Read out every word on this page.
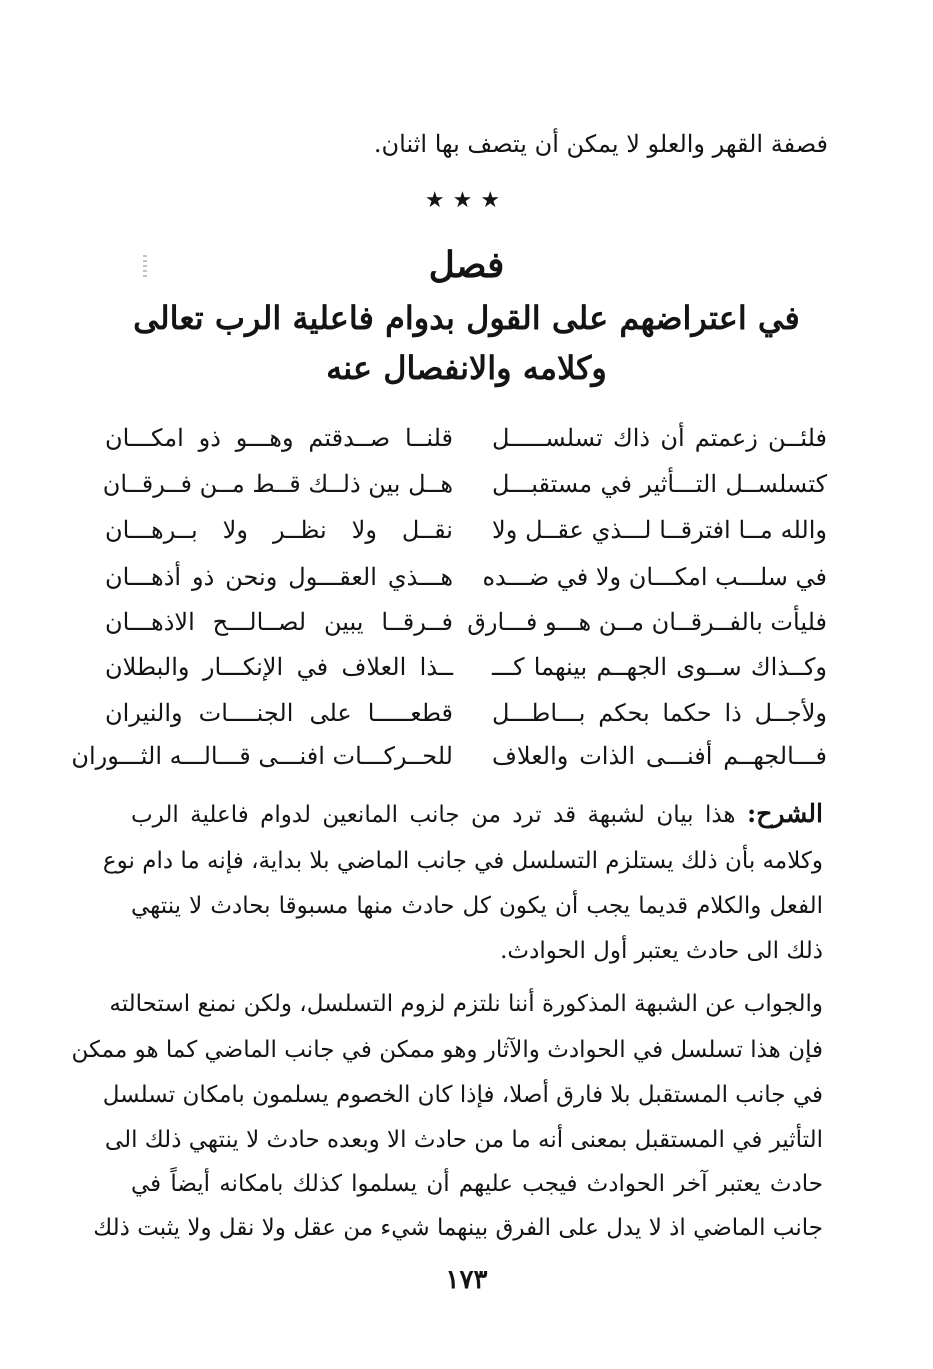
فصفة القهر والعلو لا يمكن أن يتصف بها اثنان.
★★★
فصل
في اعتراضهم على القول بدوام فاعلية الرب تعالى
وكلامه والانفصال عنه
فلئــن زعمتم أن ذاك تسلســـــل
قلنــا صــدقتم وهـــو ذو امكـــان
كتسلســل التـــأثير في مستقبـــل
هــل بين ذلــك قــط مــن فــرقــان
والله مــا افترقــا لـــذي عقــل ولا
نقــل ولا نظــر ولا بــرهـــان
في سلـــب امكـــان ولا في ضـــده
هـــذي العقـــول ونحن ذو أذهـــان
فليأت بالفــرقــان مــن هـــو فـــارق
فــرقــا يبين لصــالـــح الاذهـــان
وكــذاك ســوى الجهــم بينهما كـــ
ــذا العلاف في الإنكـــار والبطلان
ولأجــل ذا حكما بحكم بـــاطـــل
قطعـــــا على الجنــــات والنيران
فـــالجهــم أفنـــى الذات والعلاف
للحــركـــات افنـــى قـــالـــه الثـــوران
الشرح: هذا بيان لشبهة قد ترد من جانب المانعين لدوام فاعلية الرب
وكلامه بأن ذلك يستلزم التسلسل في جانب الماضي بلا بداية، فإنه ما دام نوع
الفعل والكلام قديما يجب أن يكون كل حادث منها مسبوقا بحادث لا ينتهي
ذلك الى حادث يعتبر أول الحوادث.
والجواب عن الشبهة المذكورة أننا نلتزم لزوم التسلسل، ولكن نمنع استحالته
فإن هذا تسلسل في الحوادث والآثار وهو ممكن في جانب الماضي كما هو ممكن
في جانب المستقبل بلا فارق أصلا، فإذا كان الخصوم يسلمون بامكان تسلسل
التأثير في المستقبل بمعنى أنه ما من حادث الا وبعده حادث لا ينتهي ذلك الى
حادث يعتبر آخر الحوادث فيجب عليهم أن يسلموا كذلك بامكانه أيضاً في
جانب الماضي اذ لا يدل على الفرق بينهما شيء من عقل ولا نقل ولا يثبت ذلك
١٧٣
